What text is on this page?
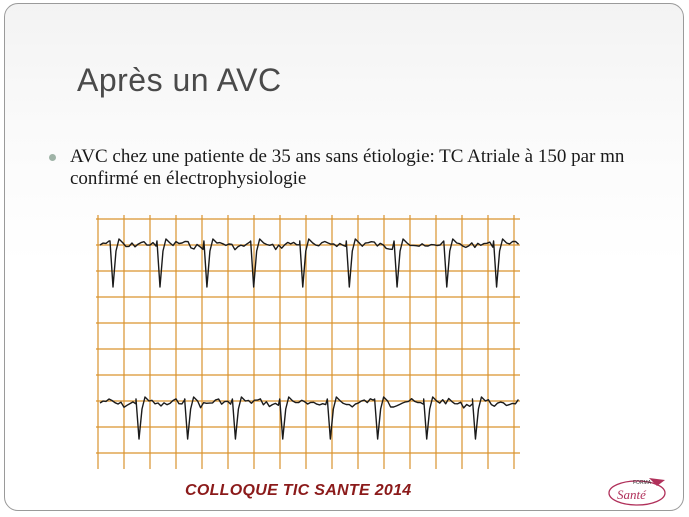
Après un AVC
AVC chez une patiente de 35 ans sans étiologie: TC Atriale à 150 par mn confirmé en électrophysiologie
COLLOQUE TIC SANTE 2014	FORMA
Santé
